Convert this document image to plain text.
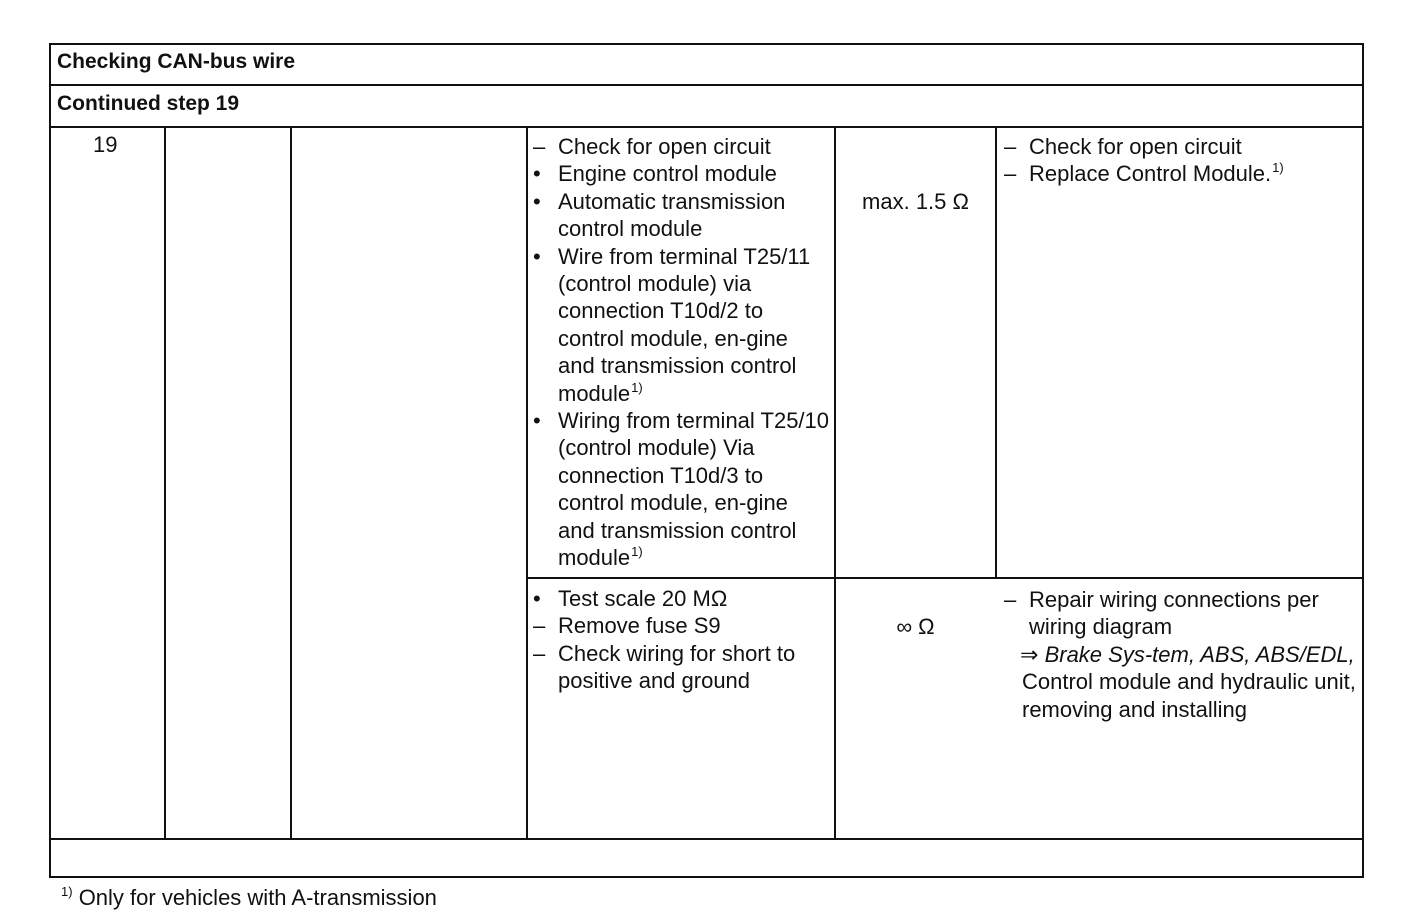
Checking CAN-bus wire
Continued step 19
19	– Check for open circuit
• Engine control module
• Automatic transmission control module
• Wire from terminal T25/11 (control module) via connection T10d/2 to control module, en-gine and transmission control module$^{1)}$
• Wiring from terminal T25/10 (control module) Via connection T10d/3 to control module, en-gine and transmission control module$^{1)}$
max. 1.5 Ω
– Check for open circuit
– Replace Control Module.$^{1)}$
• Test scale 20 MΩ
– Remove fuse S9
– Check wiring for short to positive and ground
∞ Ω
– Repair wiring connections per wiring diagram
⇒ Brake Sys-tem, ABS, ABS/EDL,
Control module and hydraulic unit, removing and installing
$^{1)}$ Only for vehicles with A-transmission
